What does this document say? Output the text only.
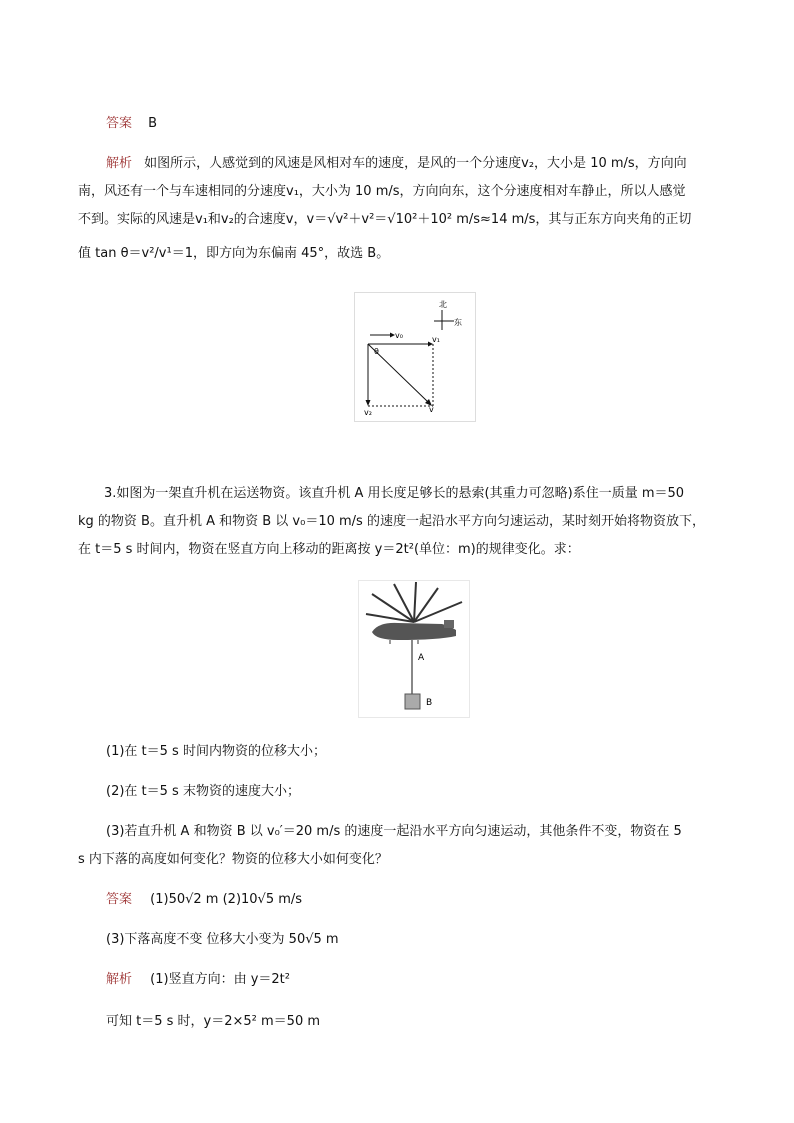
答案 B
解析 如图所示，人感觉到的风速是风相对车的速度，是风的一个分速度v₂，大小是 10 m/s，方向向
南，风还有一个与车速相同的分速度v₁，大小为 10 m/s，方向向东，这个分速度相对车静止，所以人感觉
不到。实际的风速是v₁和v₂的合速度v，v＝√v²＋v²＝√10²＋10² m/s≈14 m/s，其与正东方向夹角的正切
值 tan θ＝v²/v¹＝1，即方向为东偏南 45°，故选 B。
北
东
v₀	v₁
v₂	v
θ
3.如图为一架直升机在运送物资。该直升机 A 用长度足够长的悬索(其重力可忽略)系住一质量 m＝50
kg 的物资 B。直升机 A 和物资 B 以 v₀＝10 m/s 的速度一起沿水平方向匀速运动，某时刻开始将物资放下，
在 t＝5 s 时间内，物资在竖直方向上移动的距离按 y＝2t²(单位：m)的规律变化。求：
A
B
(1)在 t＝5 s 时间内物资的位移大小；
(2)在 t＝5 s 末物资的速度大小；
(3)若直升机 A 和物资 B 以 v₀′＝20 m/s 的速度一起沿水平方向匀速运动，其他条件不变，物资在 5
s 内下落的高度如何变化？物资的位移大小如何变化？
答案 (1)50√2 m (2)10√5 m/s
(3)下落高度不变 位移大小变为 50√5 m
解析 (1)竖直方向：由 y＝2t²
可知 t＝5 s 时，y＝2×5² m＝50 m
